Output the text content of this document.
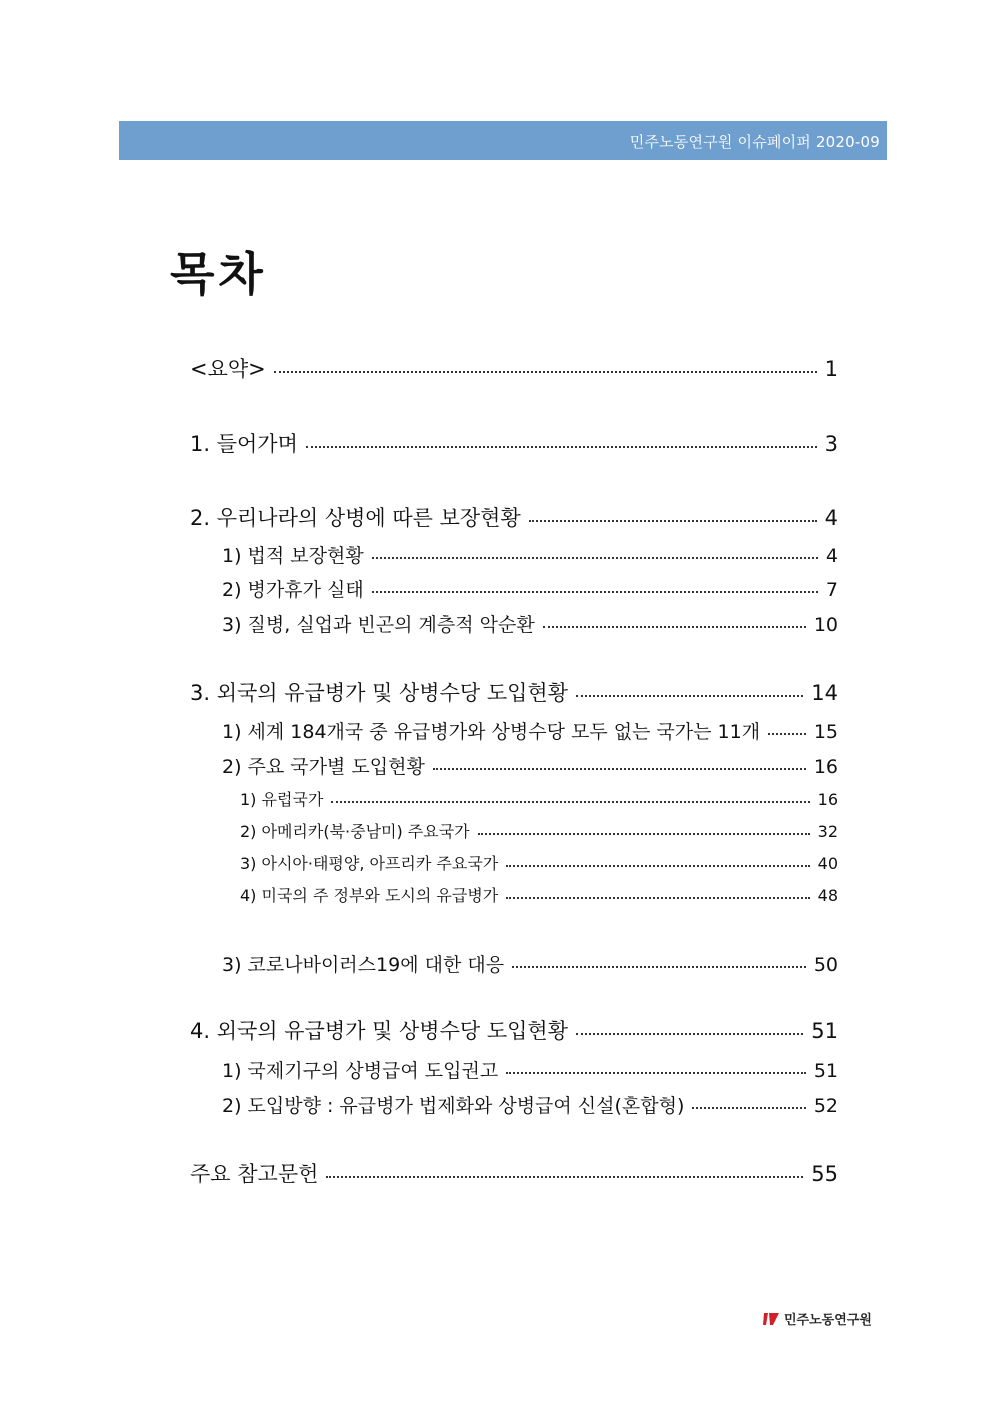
민주노동연구원 이슈페이퍼 2020-09
목차
<요약>	1
1. 들어가며	3
2. 우리나라의 상병에 따른 보장현황	4
1) 법적 보장현황	4
2) 병가휴가 실태	7
3) 질병, 실업과 빈곤의 계층적 악순환	10
3. 외국의 유급병가 및 상병수당 도입현황	14
1) 세계 184개국 중 유급병가와 상병수당 모두 없는 국가는 11개	15
2) 주요 국가별 도입현황	16
1) 유럽국가	16
2) 아메리카(북·중남미) 주요국가	32
3) 아시아·태평양, 아프리카 주요국가	40
4) 미국의 주 정부와 도시의 유급병가	48
3) 코로나바이러스19에 대한 대응	50
4. 외국의 유급병가 및 상병수당 도입현황	51
1) 국제기구의 상병급여 도입권고	51
2) 도입방향 : 유급병가 법제화와 상병급여 신설(혼합형)	52
주요 참고문헌	55
민주노동연구원
